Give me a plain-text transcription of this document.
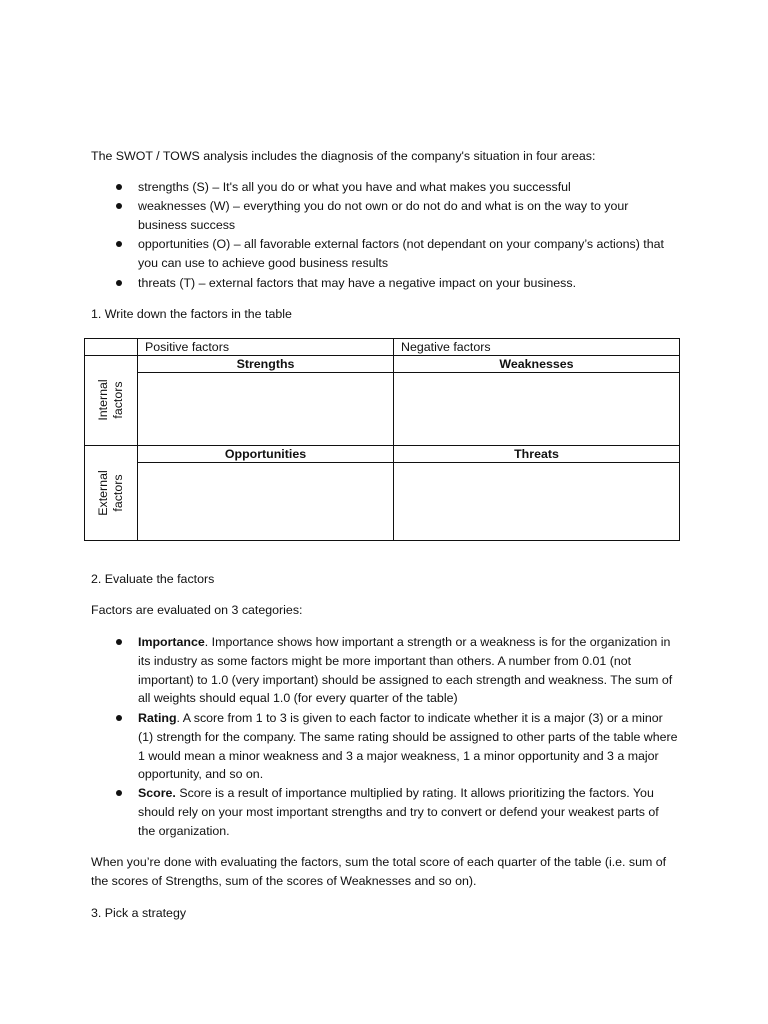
The SWOT / TOWS analysis includes the diagnosis of the company's situation in four areas:
strengths (S) – It's all you do or what you have and what makes you successful
weaknesses (W) – everything you do not own or do not do and what is on the way to your business success
opportunities (O) – all favorable external factors (not dependant on your company’s actions) that you can use to achieve good business results
threats (T) – external factors that may have a negative impact on your business.
1. Write down the factors in the table
	Positive factors	Negative factors

Internal factors	Strengths	Weaknesses

External factors	Opportunities	Threats

2. Evaluate the factors
Factors are evaluated on 3 categories:
Importance. Importance shows how important a strength or a weakness is for the organization in its industry as some factors might be more important than others. A number from 0.01 (not important) to 1.0 (very important) should be assigned to each strength and weakness. The sum of all weights should equal 1.0 (for every quarter of the table)
Rating. A score from 1 to 3 is given to each factor to indicate whether it is a major (3) or a minor (1) strength for the company. The same rating should be assigned to other parts of the table where 1 would mean a minor weakness and 3 a major weakness, 1 a minor opportunity and 3 a major opportunity, and so on.
Score. Score is a result of importance multiplied by rating. It allows prioritizing the factors. You should rely on your most important strengths and try to convert or defend your weakest parts of the organization.
When you’re done with evaluating the factors, sum the total score of each quarter of the table (i.e. sum of the scores of Strengths, sum of the scores of Weaknesses and so on).
3. Pick a strategy
